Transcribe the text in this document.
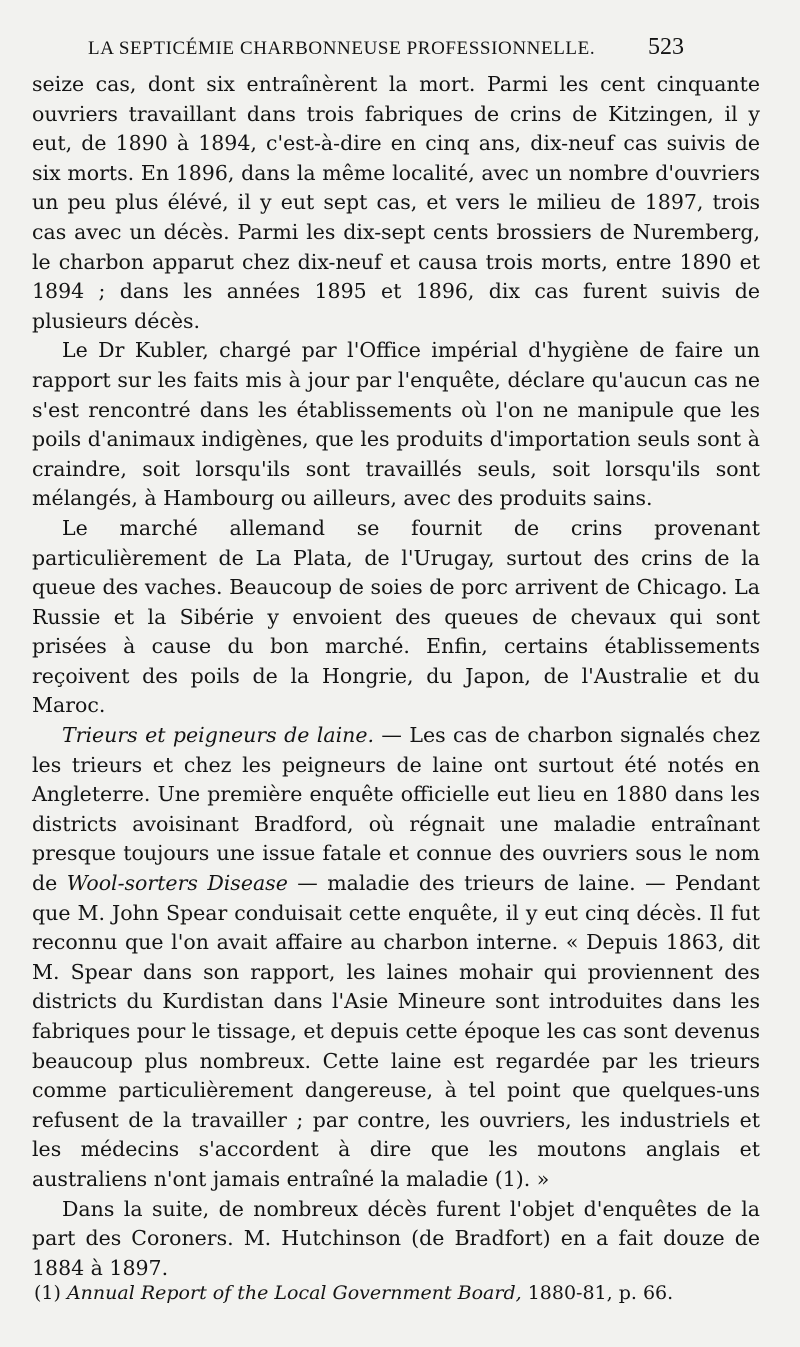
LA SEPTICÉMIE CHARBONNEUSE PROFESSIONNELLE. 523

seize cas, dont six entraînèrent la mort. Parmi les cent cinquante ouvriers travaillant dans trois fabriques de crins de Kitzingen, il y eut, de 1890 à 1894, c'est-à-dire en cinq ans, dix-neuf cas suivis de six morts. En 1896, dans la même localité, avec un nombre d'ouvriers un peu plus élévé, il y eut sept cas, et vers le milieu de 1897, trois cas avec un décès. Parmi les dix-sept cents brossiers de Nuremberg, le charbon apparut chez dix-neuf et causa trois morts, entre 1890 et 1894 ; dans les années 1895 et 1896, dix cas furent suivis de plusieurs décès.

Le Dr Kubler, chargé par l'Office impérial d'hygiène de faire un rapport sur les faits mis à jour par l'enquête, déclare qu'aucun cas ne s'est rencontré dans les établissements où l'on ne manipule que les poils d'animaux indigènes, que les produits d'importation seuls sont à craindre, soit lorsqu'ils sont travaillés seuls, soit lorsqu'ils sont mélangés, à Hambourg ou ailleurs, avec des produits sains.

Le marché allemand se fournit de crins provenant particulièrement de La Plata, de l'Urugay, surtout des crins de la queue des vaches. Beaucoup de soies de porc arrivent de Chicago. La Russie et la Sibérie y envoient des queues de chevaux qui sont prisées à cause du bon marché. Enfin, certains établissements reçoivent des poils de la Hongrie, du Japon, de l'Australie et du Maroc.

Trieurs et peigneurs de laine. — Les cas de charbon signalés chez les trieurs et chez les peigneurs de laine ont surtout été notés en Angleterre. Une première enquête officielle eut lieu en 1880 dans les districts avoisinant Bradford, où régnait une maladie entraînant presque toujours une issue fatale et connue des ouvriers sous le nom de Wool-sorters Disease — maladie des trieurs de laine. — Pendant que M. John Spear conduisait cette enquête, il y eut cinq décès. Il fut reconnu que l'on avait affaire au charbon interne. « Depuis 1863, dit M. Spear dans son rapport, les laines mohair qui proviennent des districts du Kurdistan dans l'Asie Mineure sont introduites dans les fabriques pour le tissage, et depuis cette époque les cas sont devenus beaucoup plus nombreux. Cette laine est regardée par les trieurs comme particulièrement dangereuse, à tel point que quelques-uns refusent de la travailler ; par contre, les ouvriers, les industriels et les médecins s'accordent à dire que les moutons anglais et australiens n'ont jamais entraîné la maladie (1). »

Dans la suite, de nombreux décès furent l'objet d'enquêtes de la part des Coroners. M. Hutchinson (de Bradfort) en a fait douze de 1884 à 1897.

(1) Annual Report of the Local Government Board, 1880-81, p. 66.
